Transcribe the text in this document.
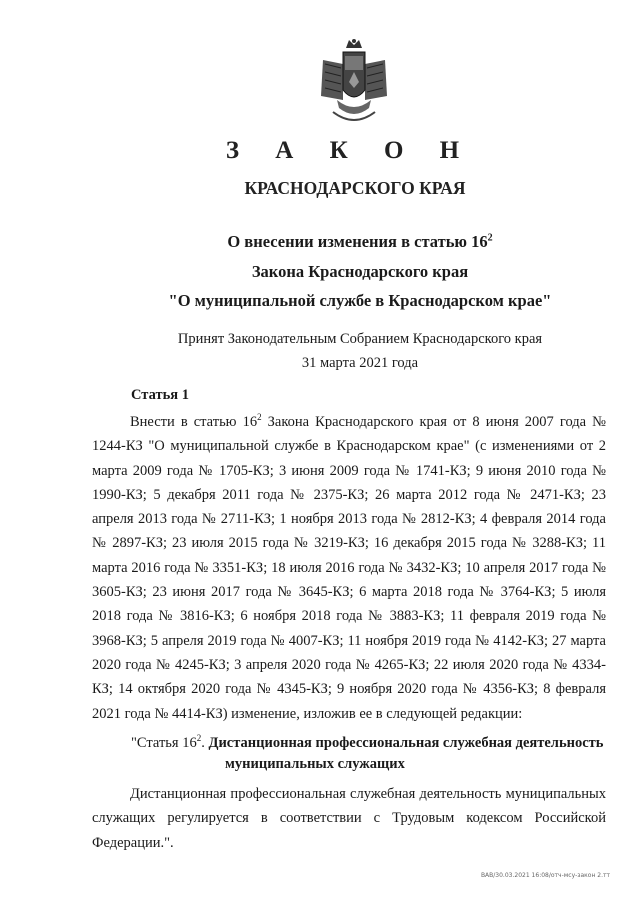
З А К О Н
КРАСНОДАРСКОГО КРАЯ
О внесении изменения в статью $16^2$
Закона Краснодарского края
"О муниципальной службе в Краснодарском крае"
Принят Законодательным Собранием Краснодарского края
31 марта 2021 года
Статья 1

Внести в статью $16^2$ Закона Краснодарского края от 8 июня 2007 года № 1244-КЗ "О муниципальной службе в Краснодарском крае" (с изменениями от 2 марта 2009 года № 1705-КЗ; 3 июня 2009 года № 1741-КЗ; 9 июня 2010 года № 1990-КЗ; 5 декабря 2011 года № 2375-КЗ; 26 марта 2012 года № 2471-КЗ; 23 апреля 2013 года № 2711-КЗ; 1 ноября 2013 года № 2812-КЗ; 4 февраля 2014 года № 2897-КЗ; 23 июля 2015 года № 3219-КЗ; 16 декабря 2015 года № 3288-КЗ; 11 марта 2016 года № 3351-КЗ; 18 июля 2016 года № 3432-КЗ; 10 апреля 2017 года № 3605-КЗ; 23 июня 2017 года № 3645-КЗ; 6 марта 2018 года № 3764-КЗ; 5 июля 2018 года № 3816-КЗ; 6 ноября 2018 года № 3883-КЗ; 11 февраля 2019 года № 3968-КЗ; 5 апреля 2019 года № 4007-КЗ; 11 ноября 2019 года № 4142-КЗ; 27 марта 2020 года № 4245-КЗ; 3 апреля 2020 года № 4265-КЗ; 22 июля 2020 года № 4334-КЗ; 14 октября 2020 года № 4345-КЗ; 9 ноября 2020 года № 4356-КЗ; 8 февраля 2021 года № 4414-КЗ) изменение, изложив ее в следующей редакции:

"Статья $16^2$. Дистанционная профессиональная служебная деятельность
муниципальных служащих

Дистанционная профессиональная служебная деятельность муниципальных служащих регулируется в соответствии с Трудовым кодексом Российской Федерации.".

ВАВ/30.03.2021 16:08/отч-мсу-закон 2.тт
